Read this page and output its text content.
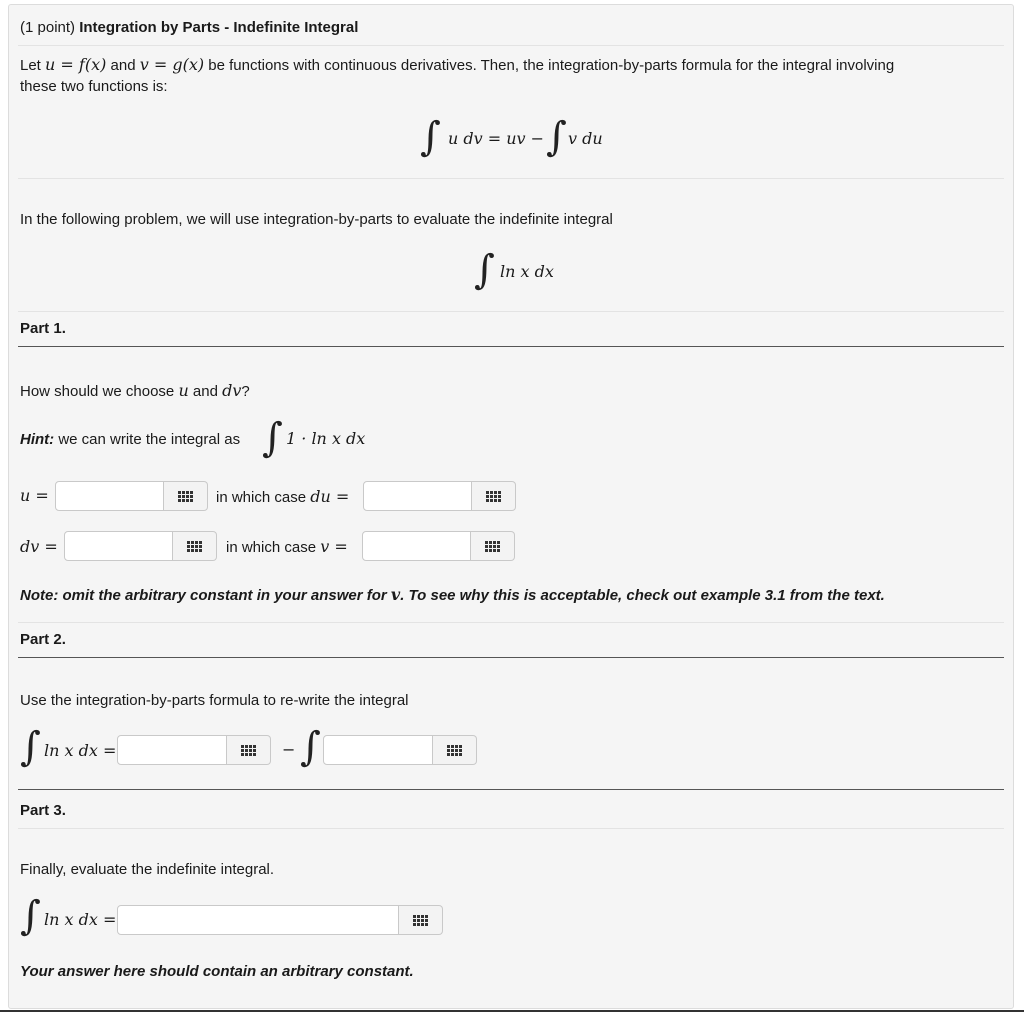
(1 point) Integration by Parts - Indefinite Integral
Let u = f(x) and v = g(x) be functions with continuous derivatives. Then, the integration-by-parts formula for the integral involving
these two functions is:
∫ u dv = uv − ∫ v du
In the following problem, we will use integration-by-parts to evaluate the indefinite integral
∫ ln x dx
Part 1.
How should we choose u and dv?
Hint: we can write the integral as ∫ 1 · ln x dx
u =	in which case du =
dv =	in which case v =
Note: omit the arbitrary constant in your answer for v. To see why this is acceptable, check out example 3.1 from the text.
Part 2.
Use the integration-by-parts formula to re-write the integral
∫ ln x dx =	− ∫
Part 3.
Finally, evaluate the indefinite integral.
∫ ln x dx =
Your answer here should contain an arbitrary constant.
